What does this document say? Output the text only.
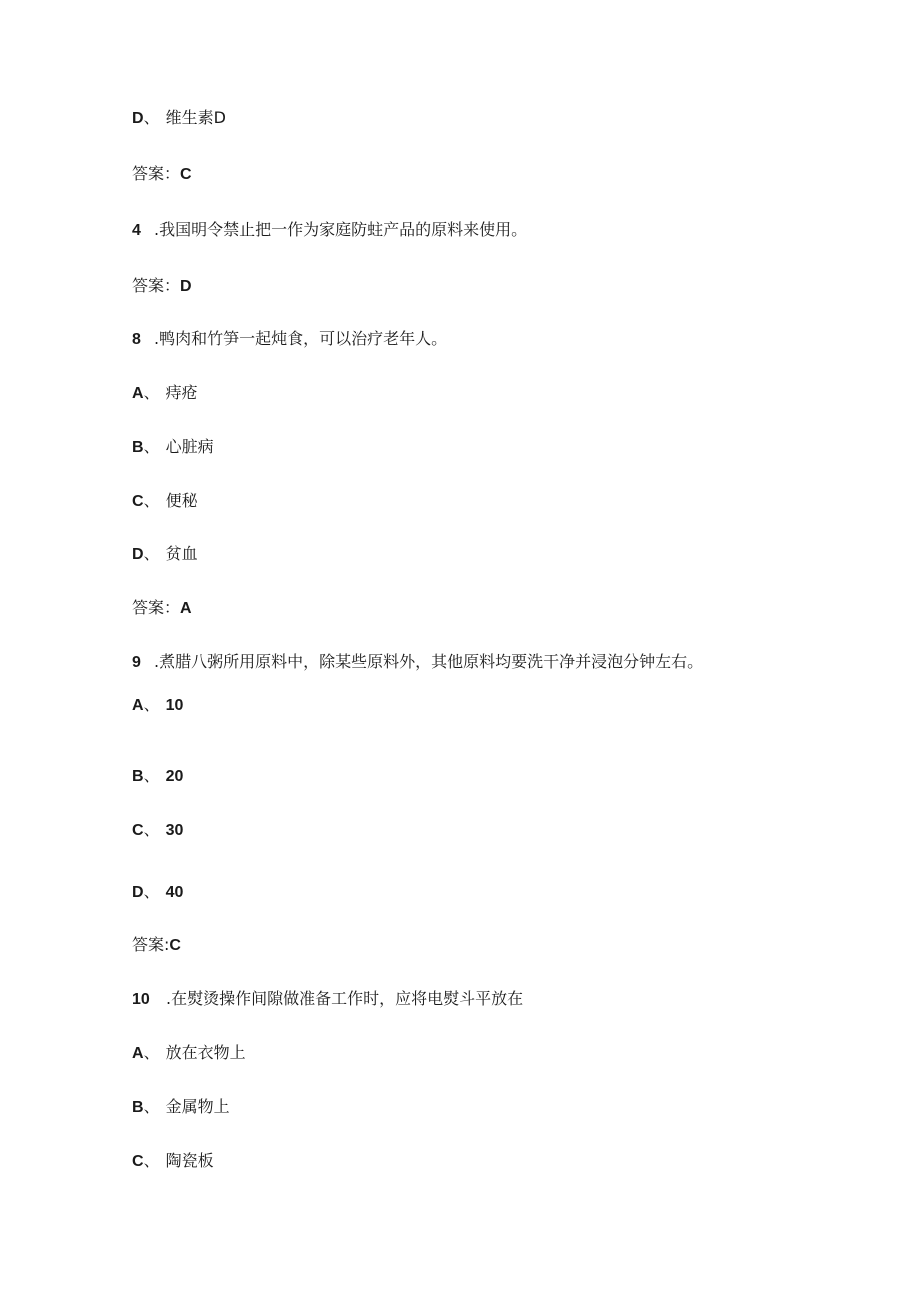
D、 维生素D
答案：C
4 .我国明令禁止把一作为家庭防蛀产品的原料来使用。
答案：D
8 .鸭肉和竹笋一起炖食，可以治疗老年人。
A、 痔疮
B、 心脏病
C、 便秘
D、 贫血
答案：A
9 .煮腊八粥所用原料中，除某些原料外，其他原料均要洗干净并浸泡分钟左右。
A、 10
B、 20
C、 30
D、 40
答案:C
10 .在熨烫操作间隙做准备工作时，应将电熨斗平放在
A、 放在衣物上
B、 金属物上
C、 陶瓷板
